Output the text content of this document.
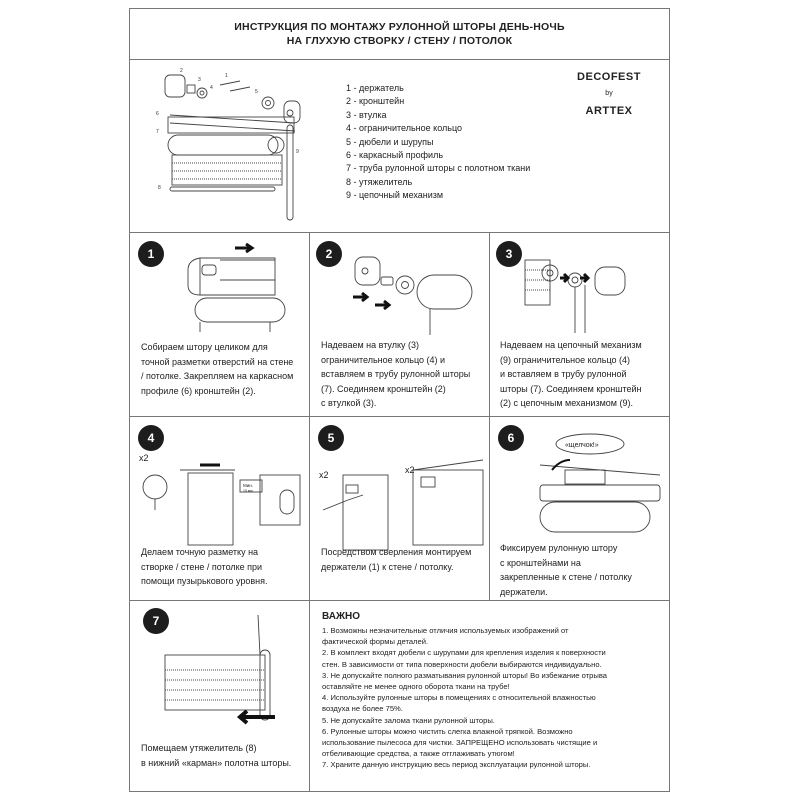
ИНСТРУКЦИЯ ПО МОНТАЖУ РУЛОННОЙ ШТОРЫ ДЕНЬ-НОЧЬ
НА ГЛУХУЮ СТВОРКУ / СТЕНУ / ПОТОЛОК
2
3
1
4
5
6
7
8
9
1 - держатель
2 - кронштейн
3 - втулка
4 - ограничительное кольцо
5 - дюбели и шурупы
6 - каркасный профиль
7 - труба рулонной шторы с полотном ткани
8 - утяжелитель
9 - цепочный механизм
DECOFEST
by
ARTTEX
1
Собираем штору целиком для
точной разметки отверстий на стене
/ потолке. Закрепляем на каркасном
профиле (6) кронштейн (2).
2
Надеваем на втулку (3)
ограничительное кольцо (4) и
вставляем в трубу рулонной шторы
(7). Соединяем кронштейн (2)
с втулкой (3).
3
Надеваем на цепочный механизм
(9) ограничительное кольцо (4)
и вставляем в трубу рулонной
шторы (7). Соединяем кронштейн
(2) с цепочным механизмом (9).
4
x2
Мин.
15 мм
Делаем точную разметку на
створке / стене / потолке при
помощи пузырькового уровня.
5
x2	x2
Посредством сверления монтируем
держатели (1) к стене / потолку.
6
«щелчок!»
Фиксируем рулонную штору
с кронштейнами на
закрепленные к стене / потолку
держатели.
7
Помещаем утяжелитель (8)
в нижний «карман» полотна шторы.
ВАЖНО
1. Возможны незначительные отличия используемых изображений от
фактической формы деталей.
2. В комплект входят дюбели с шурупами для крепления изделия к поверхности
стен. В зависимости от типа поверхности дюбели выбираются индивидуально.
3. Не допускайте полного разматывания рулонной шторы! Во избежание отрыва
оставляйте не менее одного оборота ткани на трубе!
4. Используйте рулонные шторы в помещениях с относительной влажностью
воздуха не более 75%.
5. Не допускайте залома ткани рулонной шторы.
6. Рулонные шторы можно чистить слегка влажной тряпкой. Возможно
использование пылесоса для чистки. ЗАПРЕЩЕНО использовать чистящие и
отбеливающие средства, а также отглаживать утюгом!
7. Храните данную инструкцию весь период эксплуатации рулонной шторы.
